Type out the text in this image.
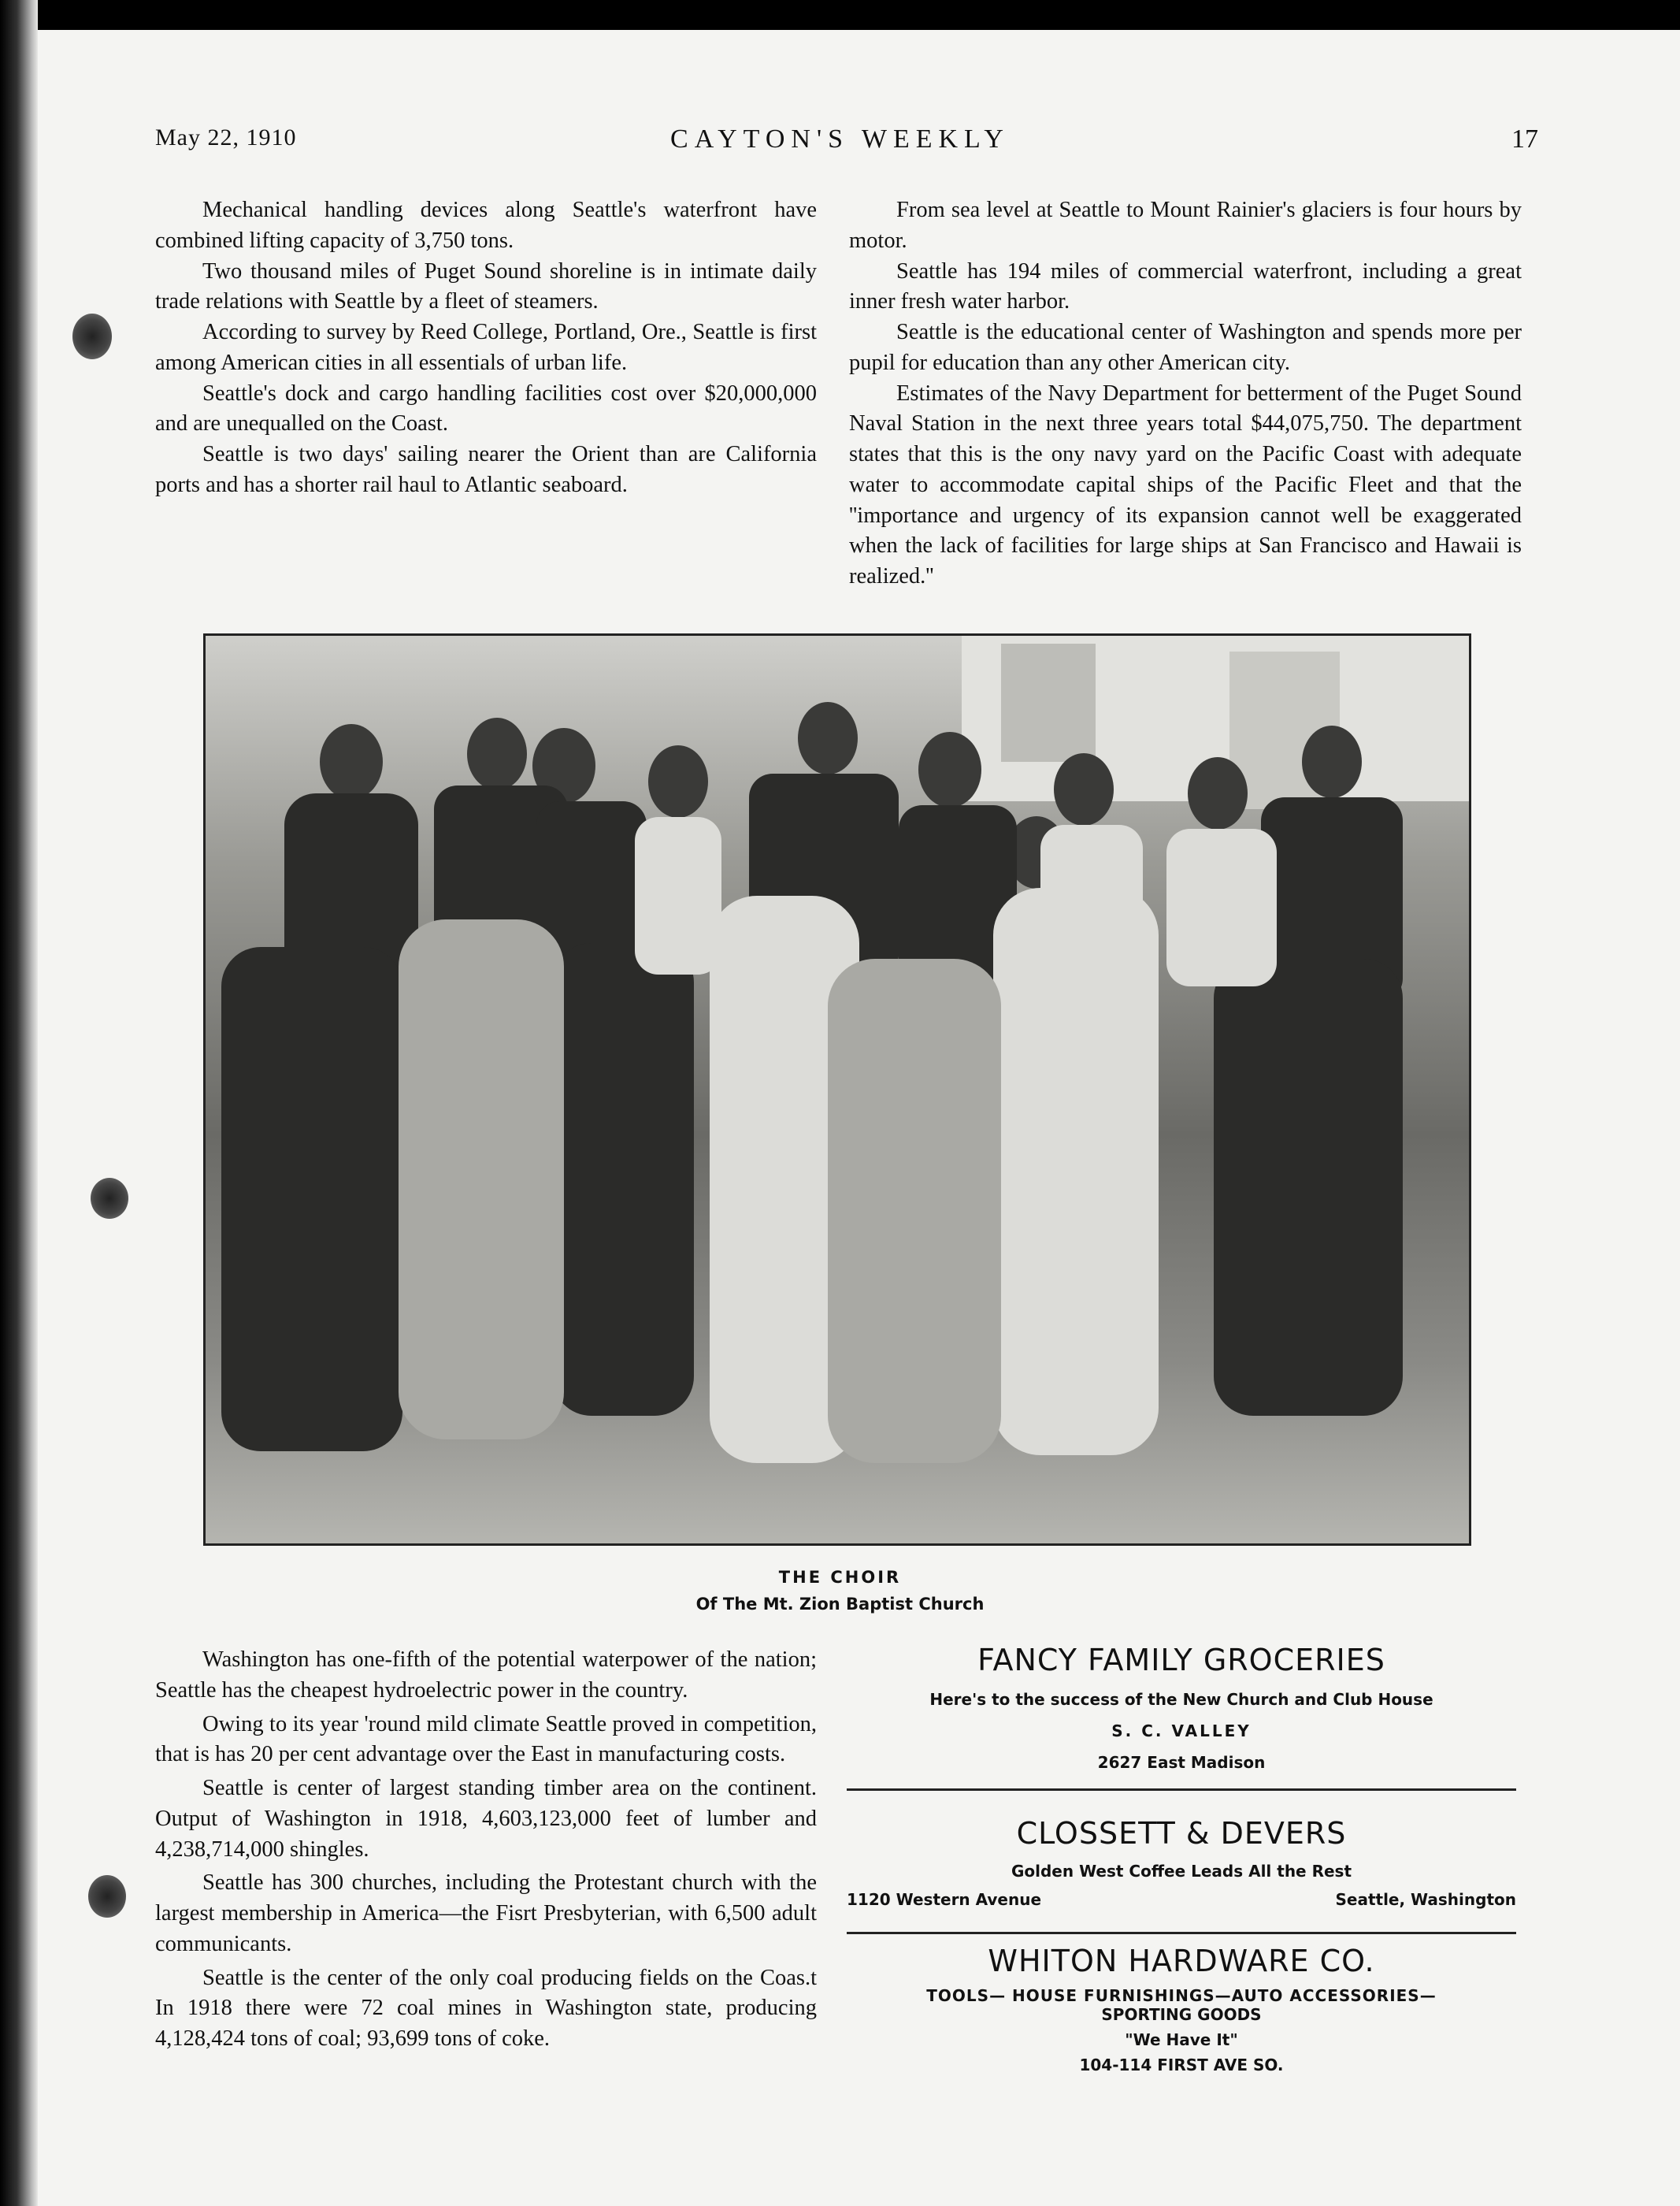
May 22, 1910	CAYTON'S WEEKLY	17

Mechanical handling devices along Seattle's waterfront have combined lifting capacity of 3,750 tons.

Two thousand miles of Puget Sound shoreline is in intimate daily trade relations with Seattle by a fleet of steamers.

According to survey by Reed College, Portland, Ore., Seattle is first among American cities in all essentials of urban life.

Seattle's dock and cargo handling facilities cost over $20,000,000 and are unequalled on the Coast.

Seattle is two days' sailing nearer the Orient than are California ports and has a shorter rail haul to Atlantic seaboard.

From sea level at Seattle to Mount Rainier's glaciers is four hours by motor.

Seattle has 194 miles of commercial waterfront, including a great inner fresh water harbor.

Seattle is the educational center of Washington and spends more per pupil for education than any other American city.

Estimates of the Navy Department for betterment of the Puget Sound Naval Station in the next three years total $44,075,750. The department states that this is the ony navy yard on the Pacific Coast with adequate water to accommodate capital ships of the Pacific Fleet and that the ''importance and urgency of its expansion cannot well be exaggerated when the lack of facilities for large ships at San Francisco and Hawaii is realized.''

THE CHOIR
Of The Mt. Zion Baptist Church

Washington has one-fifth of the potential waterpower of the nation; Seattle has the cheapest hydroelectric power in the country.

Owing to its year 'round mild climate Seattle proved in competition, that is has 20 per cent advantage over the East in manufacturing costs.

Seattle is center of largest standing timber area on the continent. Output of Washington in 1918, 4,603,123,000 feet of lumber and 4,238,714,000 shingles.

Seattle has 300 churches, including the Protestant church with the largest membership in America—the Fisrt Presbyterian, with 6,500 adult communicants.

Seattle is the center of the only coal producing fields on the Coas.t In 1918 there were 72 coal mines in Washington state, producing 4,128,424 tons of coal; 93,699 tons of coke.

FANCY FAMILY GROCERIES
Here's to the success of the New Church and Club House
S. C. VALLEY
2627 East Madison
CLOSSETT & DEVERS
Golden West Coffee Leads All the Rest
1120 Western Avenue	Seattle, Washington
WHITON HARDWARE CO.
TOOLS— HOUSE FURNISHINGS—AUTO ACCESSORIES—
SPORTING GOODS
"We Have It"
104-114 FIRST AVE SO.
